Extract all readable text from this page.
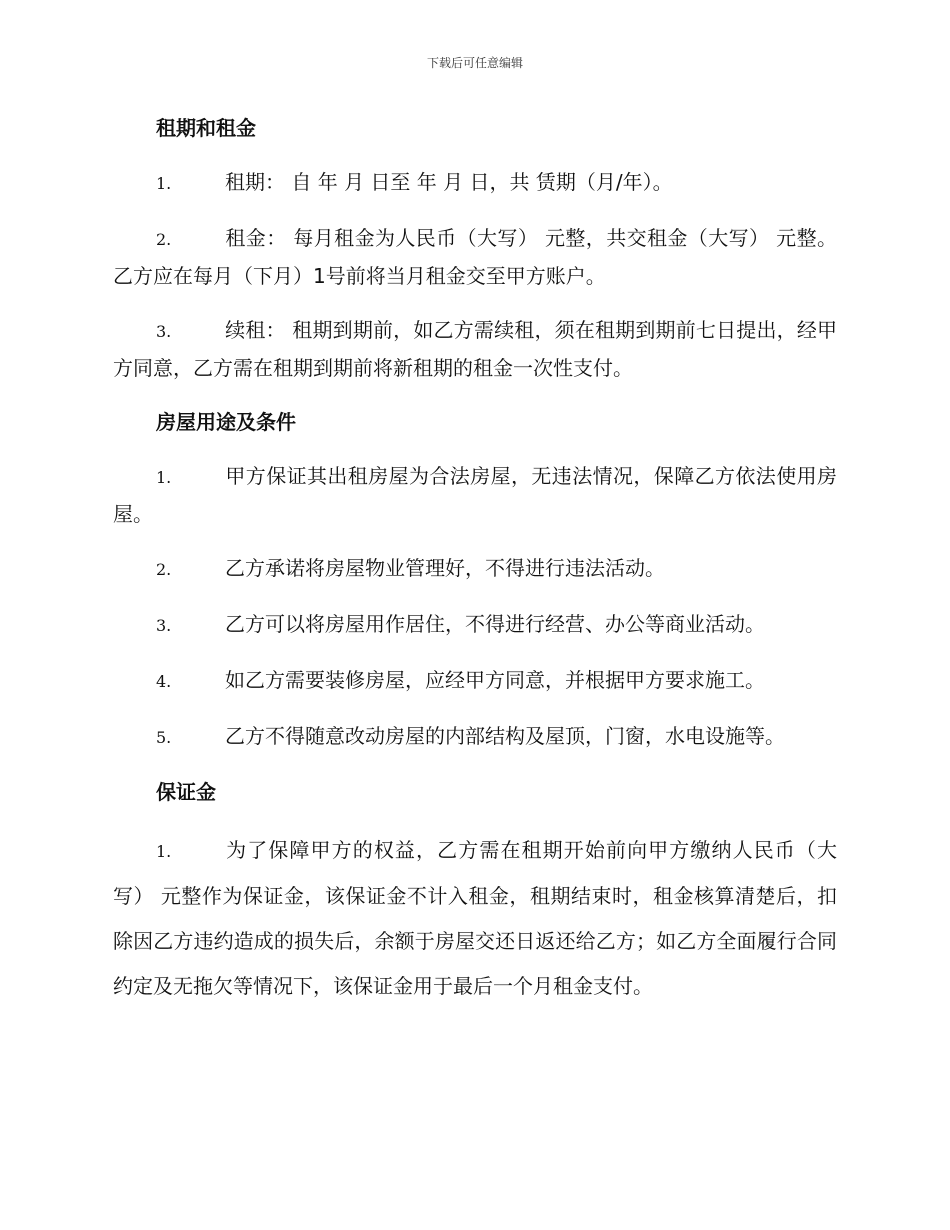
下载后可任意编辑
租期和租金
1.	租期： 自 年 月 日至 年 月 日，共 赁期（月/年）。
2.	租金： 每月租金为人民币（大写） 元整，共交租金（大写） 元整。乙方应在每月（下月）1号前将当月租金交至甲方账户。
3.	续租： 租期到期前，如乙方需续租，须在租期到期前七日提出，经甲方同意，乙方需在租期到期前将新租期的租金一次性支付。
房屋用途及条件
1.	甲方保证其出租房屋为合法房屋，无违法情况，保障乙方依法使用房屋。
2.	乙方承诺将房屋物业管理好，不得进行违法活动。
3.	乙方可以将房屋用作居住，不得进行经营、办公等商业活动。
4.	如乙方需要装修房屋，应经甲方同意，并根据甲方要求施工。
5.	乙方不得随意改动房屋的内部结构及屋顶，门窗，水电设施等。
保证金
1.	为了保障甲方的权益，乙方需在租期开始前向甲方缴纳人民币（大写） 元整作为保证金，该保证金不计入租金，租期结束时，租金核算清楚后，扣除因乙方违约造成的损失后，余额于房屋交还日返还给乙方；如乙方全面履行合同约定及无拖欠等情况下，该保证金用于最后一个月租金支付。
